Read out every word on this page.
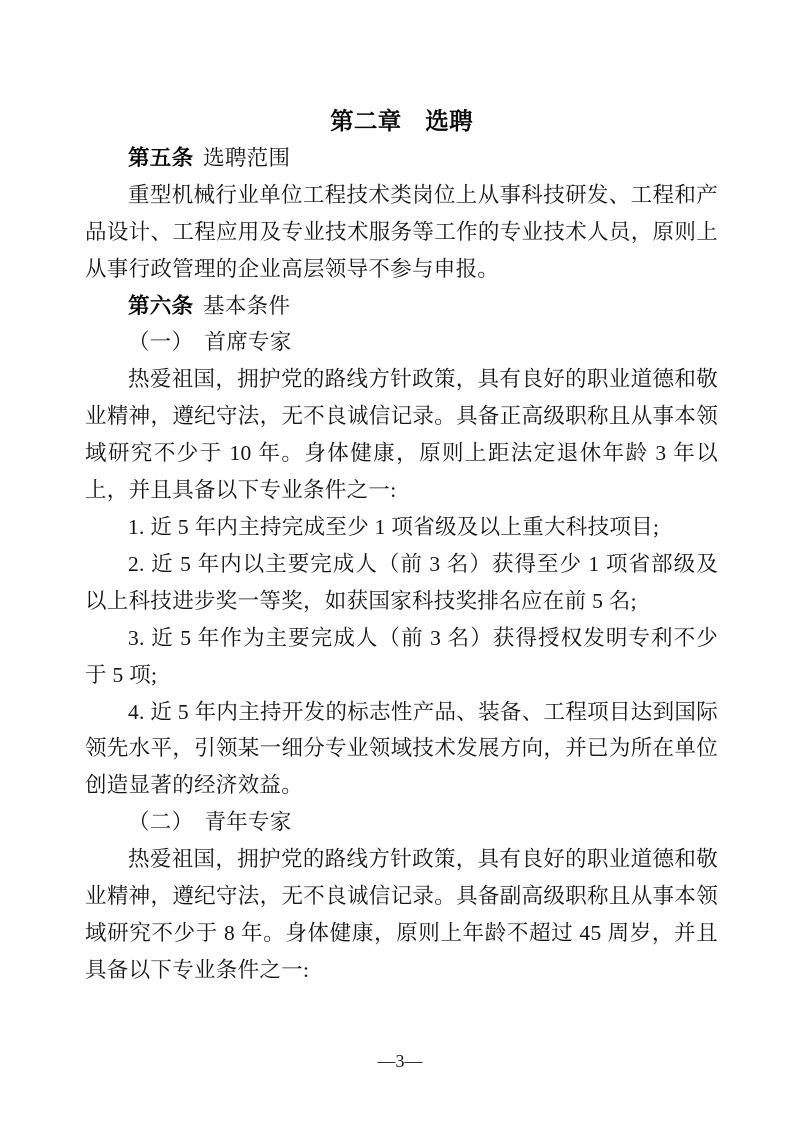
第二章　选聘

第五条 选聘范围

重型机械行业单位工程技术类岗位上从事科技研发、工程和产品设计、工程应用及专业技术服务等工作的专业技术人员，原则上从事行政管理的企业高层领导不参与申报。

第六条 基本条件

（一）　首席专家

热爱祖国，拥护党的路线方针政策，具有良好的职业道德和敬业精神，遵纪守法，无不良诚信记录。具备正高级职称且从事本领域研究不少于 10 年。身体健康，原则上距法定退休年龄 3 年以上，并且具备以下专业条件之一:

1. 近 5 年内主持完成至少 1 项省级及以上重大科技项目;

2. 近 5 年内以主要完成人（前 3 名）获得至少 1 项省部级及以上科技进步奖一等奖，如获国家科技奖排名应在前 5 名;

3. 近 5 年作为主要完成人（前 3 名）获得授权发明专利不少于 5 项;

4. 近 5 年内主持开发的标志性产品、装备、工程项目达到国际领先水平，引领某一细分专业领域技术发展方向，并已为所在单位创造显著的经济效益。

（二）　青年专家

热爱祖国，拥护党的路线方针政策，具有良好的职业道德和敬业精神，遵纪守法，无不良诚信记录。具备副高级职称且从事本领域研究不少于 8 年。身体健康，原则上年龄不超过 45 周岁，并且具备以下专业条件之一:

—3—
